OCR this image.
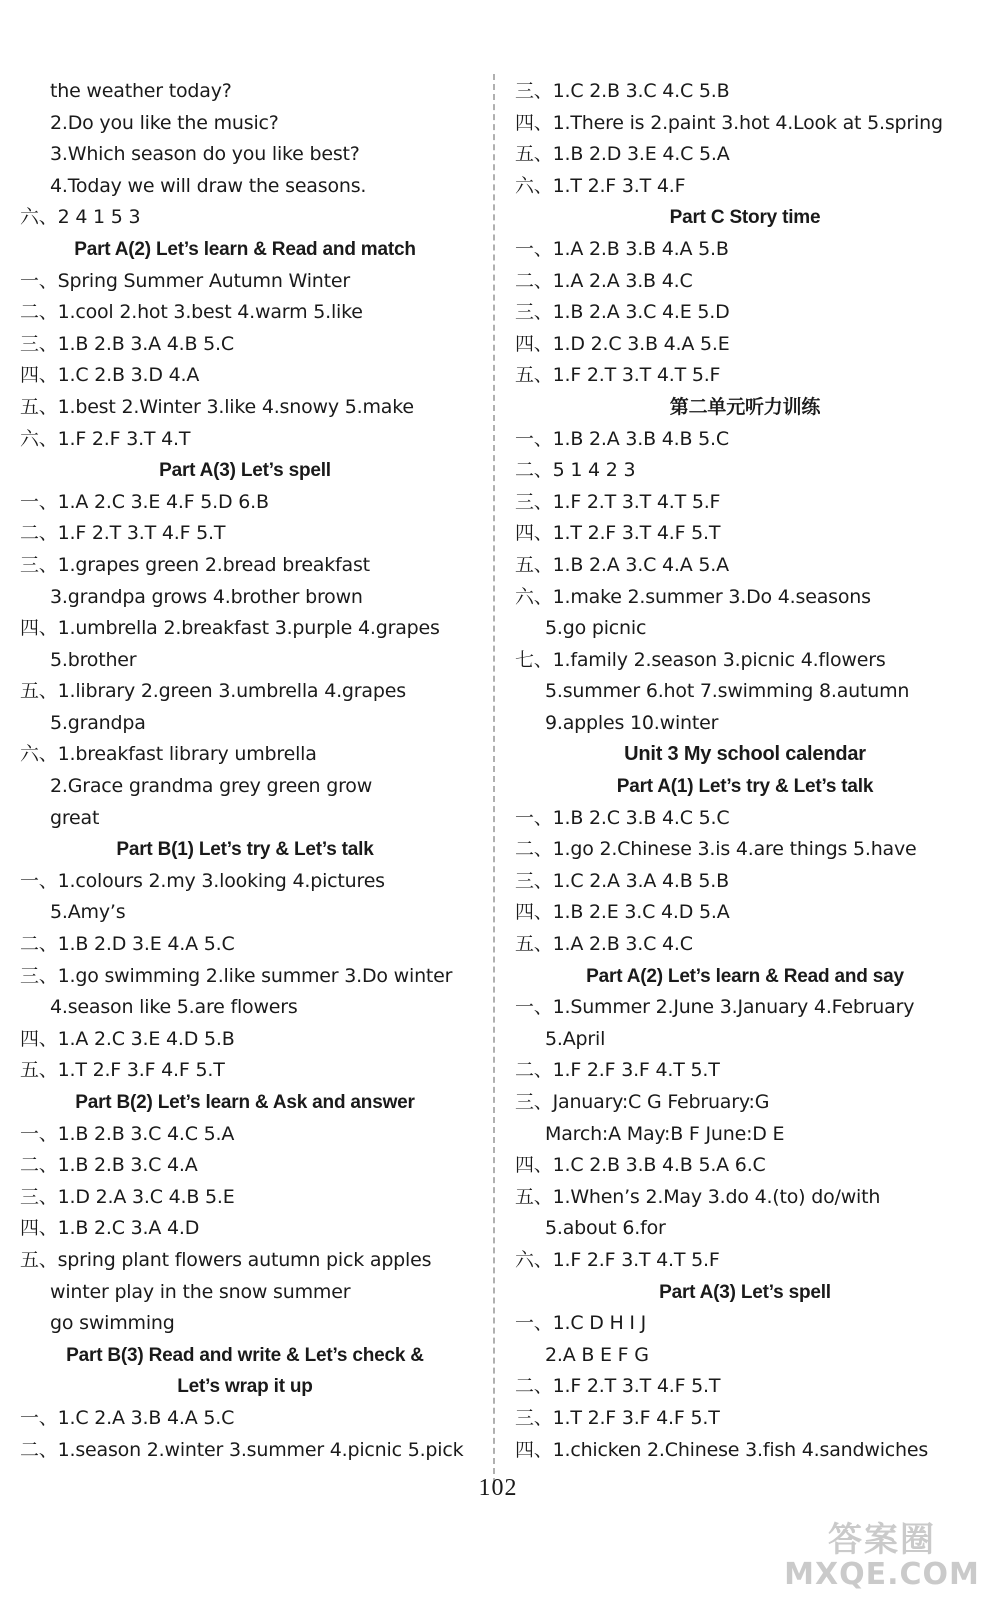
the weather today?
2.Do you like the music?
3.Which season do you like best?
4.Today we will draw the seasons.
六、2 4 1 5 3
Part A(2) Let’s learn & Read and match
一、Spring Summer Autumn Winter
二、1.cool 2.hot 3.best 4.warm 5.like
三、1.B 2.B 3.A 4.B 5.C
四、1.C 2.B 3.D 4.A
五、1.best 2.Winter 3.like 4.snowy 5.make
六、1.F 2.F 3.T 4.T
Part A(3) Let’s spell
一、1.A 2.C 3.E 4.F 5.D 6.B
二、1.F 2.T 3.T 4.F 5.T
三、1.grapes green 2.bread breakfast
3.grandpa grows 4.brother brown
四、1.umbrella 2.breakfast 3.purple 4.grapes
5.brother
五、1.library 2.green 3.umbrella 4.grapes
5.grandpa
六、1.breakfast library umbrella
2.Grace grandma grey green grow
great
Part B(1) Let’s try & Let’s talk
一、1.colours 2.my 3.looking 4.pictures
5.Amy’s
二、1.B 2.D 3.E 4.A 5.C
三、1.go swimming 2.like summer 3.Do winter
4.season like 5.are flowers
四、1.A 2.C 3.E 4.D 5.B
五、1.T 2.F 3.F 4.F 5.T
Part B(2) Let’s learn & Ask and answer
一、1.B 2.B 3.C 4.C 5.A
二、1.B 2.B 3.C 4.A
三、1.D 2.A 3.C 4.B 5.E
四、1.B 2.C 3.A 4.D
五、spring plant flowers autumn pick apples
winter play in the snow summer
go swimming
Part B(3) Read and write & Let’s check &
Let’s wrap it up
一、1.C 2.A 3.B 4.A 5.C
二、1.season 2.winter 3.summer 4.picnic 5.pick
三、1.C 2.B 3.C 4.C 5.B
四、1.There is 2.paint 3.hot 4.Look at 5.spring
五、1.B 2.D 3.E 4.C 5.A
六、1.T 2.F 3.T 4.F
Part C Story time
一、1.A 2.B 3.B 4.A 5.B
二、1.A 2.A 3.B 4.C
三、1.B 2.A 3.C 4.E 5.D
四、1.D 2.C 3.B 4.A 5.E
五、1.F 2.T 3.T 4.T 5.F
第二单元听力训练
一、1.B 2.A 3.B 4.B 5.C
二、5 1 4 2 3
三、1.F 2.T 3.T 4.T 5.F
四、1.T 2.F 3.T 4.F 5.T
五、1.B 2.A 3.C 4.A 5.A
六、1.make 2.summer 3.Do 4.seasons
5.go picnic
七、1.family 2.season 3.picnic 4.flowers
5.summer 6.hot 7.swimming 8.autumn
9.apples 10.winter
Unit 3 My school calendar
Part A(1) Let’s try & Let’s talk
一、1.B 2.C 3.B 4.C 5.C
二、1.go 2.Chinese 3.is 4.are things 5.have
三、1.C 2.A 3.A 4.B 5.B
四、1.B 2.E 3.C 4.D 5.A
五、1.A 2.B 3.C 4.C
Part A(2) Let’s learn & Read and say
一、1.Summer 2.June 3.January 4.February
5.April
二、1.F 2.F 3.F 4.T 5.T
三、January:C G February:G
March:A May:B F June:D E
四、1.C 2.B 3.B 4.B 5.A 6.C
五、1.When’s 2.May 3.do 4.(to) do/with
5.about 6.for
六、1.F 2.F 3.T 4.T 5.F
Part A(3) Let’s spell
一、1.C D H I J
2.A B E F G
二、1.F 2.T 3.T 4.F 5.T
三、1.T 2.F 3.F 4.F 5.T
四、1.chicken 2.Chinese 3.fish 4.sandwiches
102
答案圈
MXQE.COM
